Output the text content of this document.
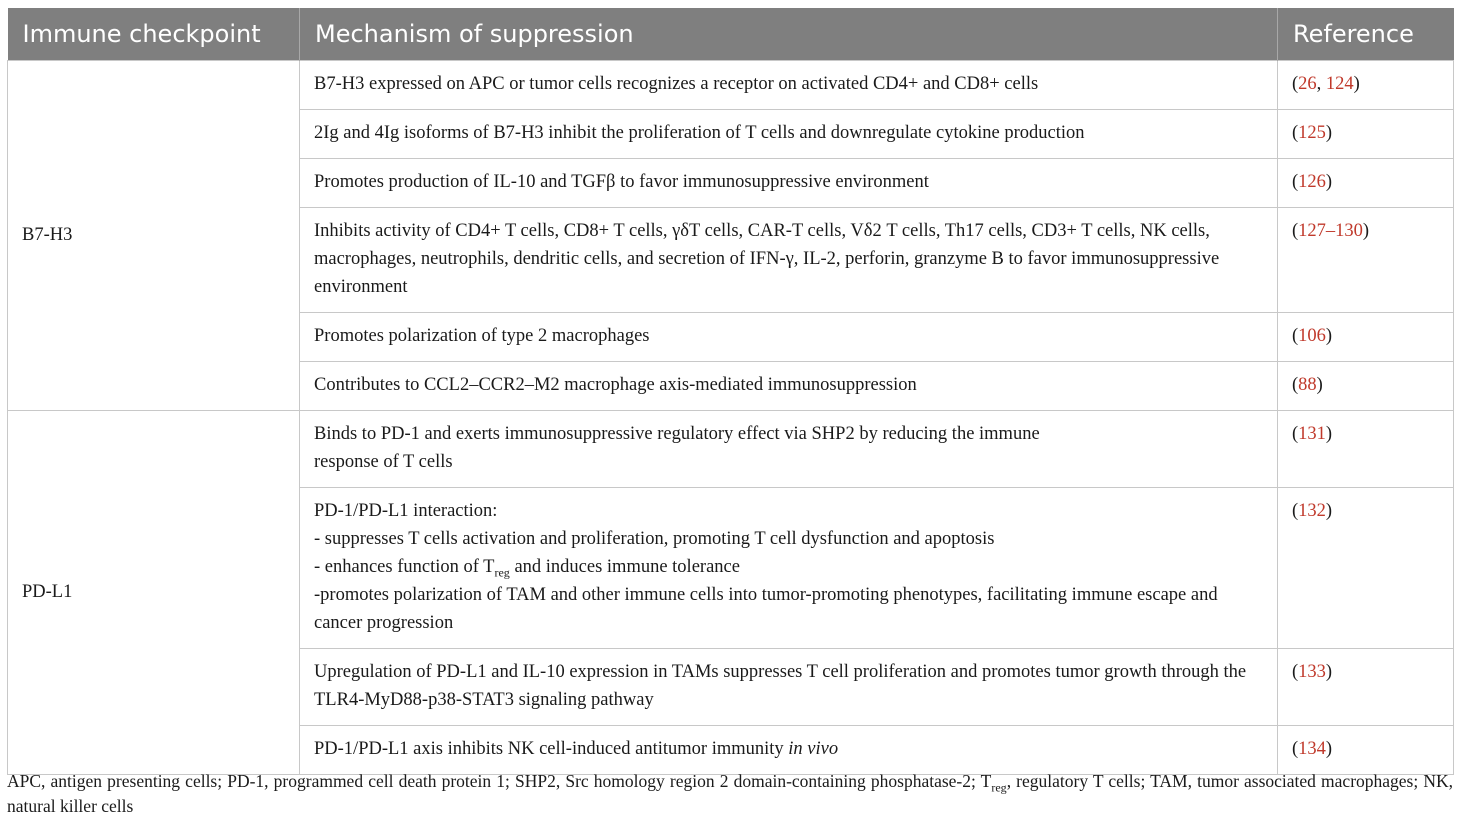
Immune checkpoint	Mechanism of suppression	Reference
B7-H3	B7-H3 expressed on APC or tumor cells recognizes a receptor on activated CD4+ and CD8+ cells	(26, 124)
	2Ig and 4Ig isoforms of B7-H3 inhibit the proliferation of T cells and downregulate cytokine production	(125)
	Promotes production of IL-10 and TGFβ to favor immunosuppressive environment	(126)
	Inhibits activity of CD4+ T cells, CD8+ T cells, γδT cells, CAR-T cells, Vδ2 T cells, Th17 cells, CD3+ T cells, NK cells, macrophages, neutrophils, dendritic cells, and secretion of IFN-γ, IL-2, perforin, granzyme B to favor immunosuppressive environment	(127–130)
	Promotes polarization of type 2 macrophages	(106)
	Contributes to CCL2–CCR2–M2 macrophage axis-mediated immunosuppression	(88)
PD-L1	Binds to PD-1 and exerts immunosuppressive regulatory effect via SHP2 by reducing the immune response of T cells	(131)

	PD-1/PD-L1 interaction:
- suppresses T cells activation and proliferation, promoting T cell dysfunction and apoptosis
- enhances function of $T_{reg}$ and induces immune tolerance
-promotes polarization of TAM and other immune cells into tumor-promoting phenotypes, facilitating immune escape and cancer progression	(132)
	Upregulation of PD-L1 and IL-10 expression in TAMs suppresses T cell proliferation and promotes tumor growth through the TLR4-MyD88-p38-STAT3 signaling pathway	(133)
	PD-1/PD-L1 axis inhibits NK cell-induced antitumor immunity in vivo	(134)
APC, antigen presenting cells; PD-1, programmed cell death protein 1; SHP2, Src homology region 2 domain-containing phosphatase-2; $T_{reg}$, regulatory T cells; TAM, tumor associated macrophages; NK, natural killer cells
